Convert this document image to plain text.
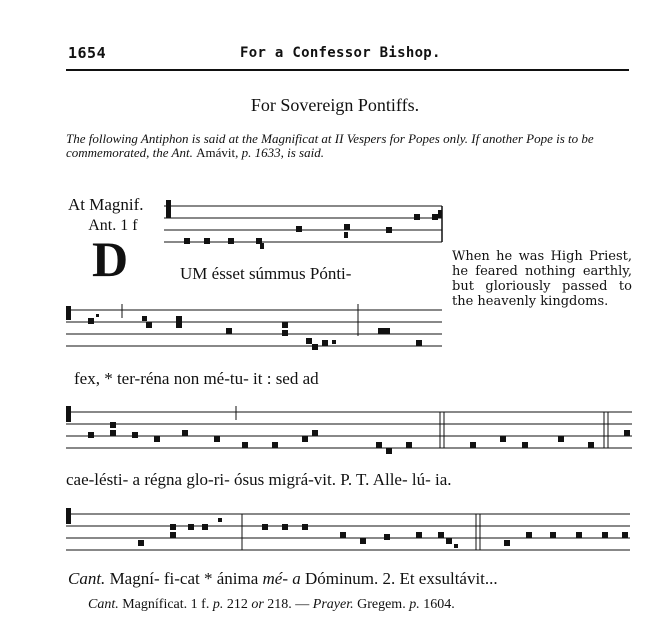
1654	For a Confessor Bishop.
For Sovereign Pontiffs.
The following Antiphon is said at the Magnificat at II Vespers for Popes only. If another Pope is to be commemorated, the Ant. Amávit, p. 1633, is said.
At Magnif.
Ant. 1 f
D	UM ésset súmmus Pónti-
When he was High Priest, he feared nothing earthly, but gloriously passed to the heavenly kingdoms.
fex, * ter-réna non mé-tu- it : sed ad
cae-lésti- a régna glo-ri- ósus migrá-vit. P. T. Alle- lú- ia.
Cant. Magní- fi-cat * ánima mé- a Dóminum. 2. Et exsultávit...
Cant. Magníficat. 1 f. p. 212 or 218. — Prayer. Gregem. p. 1604.
